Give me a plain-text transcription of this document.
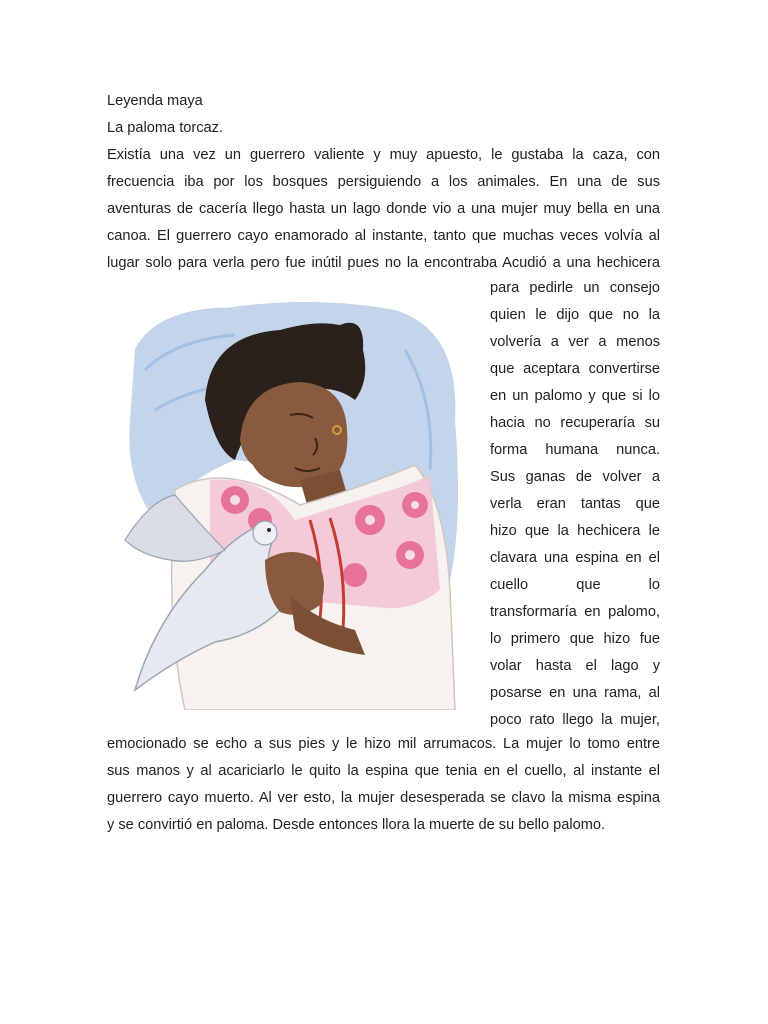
Leyenda maya
La paloma torcaz.
Existía una vez un guerrero valiente y muy apuesto, le gustaba la caza, con
frecuencia iba por los bosques persiguiendo a los animales. En una de sus
aventuras de cacería llego hasta un lago donde vio a una mujer muy bella en una
canoa. El guerrero cayo enamorado al instante, tanto que muchas veces volvía al
lugar solo para verla pero fue inútil pues no la encontraba Acudió a una hechicera
para pedirle un consejo
quien le dijo que no la
volvería a ver a menos
que aceptara convertirse
en un palomo y que si lo
hacia no recuperaría su
forma humana nunca.
Sus ganas de volver a
verla eran tantas que
hizo que la hechicera le
clavara una espina en el
cuello que lo
transformaría en palomo,
lo primero que hizo fue
volar hasta el lago y
posarse en una rama, al
poco rato llego la mujer,
emocionado se echo a sus pies y le hizo mil arrumacos. La mujer lo tomo entre
sus manos y al acariciarlo le quito la espina que tenia en el cuello, al instante el
guerrero cayo muerto. Al ver esto, la mujer desesperada se clavo la misma espina
y se convirtió en paloma. Desde entonces llora la muerte de su bello palomo.
